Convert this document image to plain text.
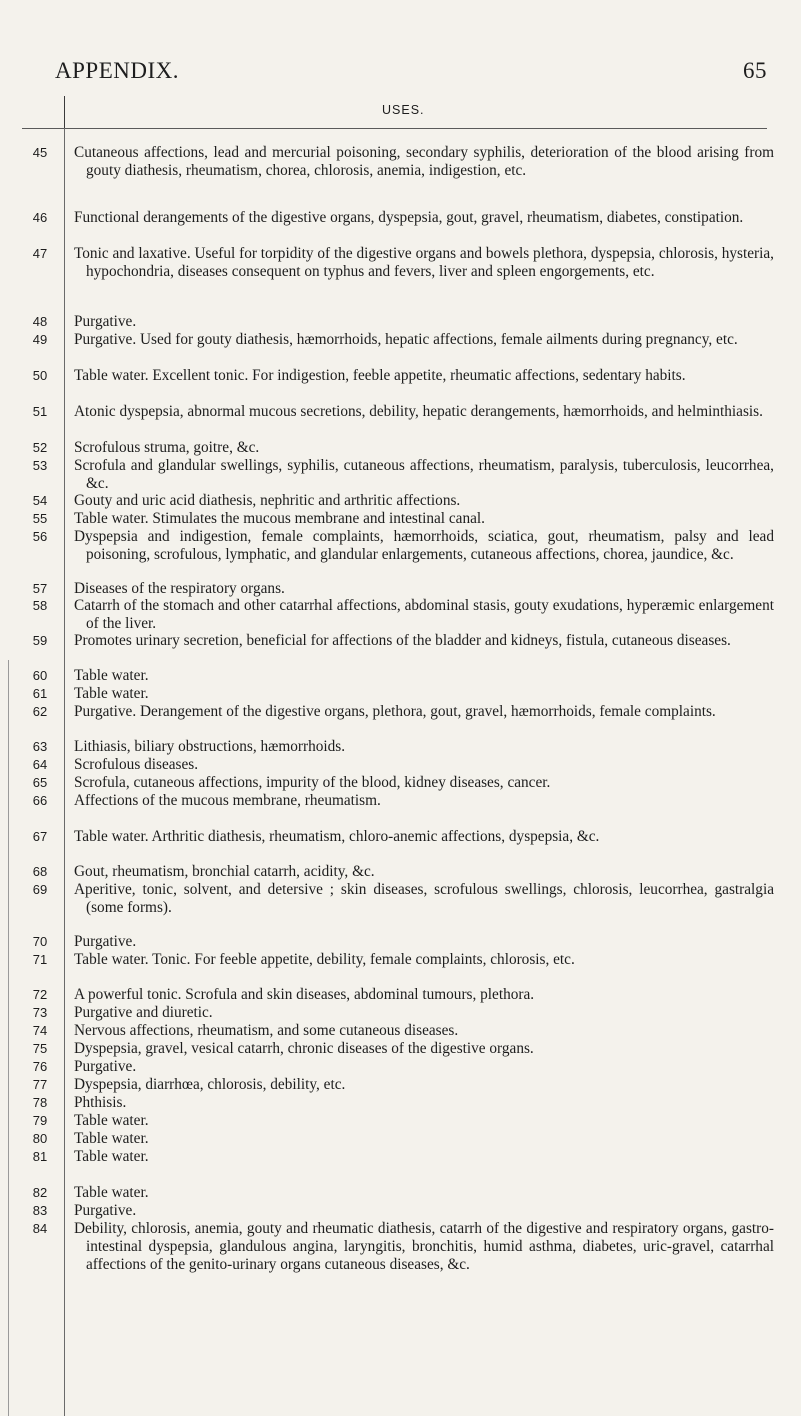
APPENDIX.	65
USES.
45	Cutaneous affections, lead and mercurial poisoning, secondary syphilis, deterioration of the blood arising from gouty diathesis, rheumatism, chorea, chlorosis, anemia, indigestion, etc.
46	Functional derangements of the digestive organs, dyspepsia, gout, gravel, rheumatism, diabetes, constipation.
47	Tonic and laxative. Useful for torpidity of the digestive organs and bowels plethora, dyspepsia, chlorosis, hysteria, hypochondria, diseases consequent on typhus and fevers, liver and spleen engorgements, etc.
48	Purgative.
49	Purgative. Used for gouty diathesis, hæmorrhoids, hepatic affections, female ailments during pregnancy, etc.
50	Table water. Excellent tonic. For indigestion, feeble appetite, rheumatic affections, sedentary habits.
51	Atonic dyspepsia, abnormal mucous secretions, debility, hepatic derangements, hæmorrhoids, and helminthiasis.
52	Scrofulous struma, goitre, &c.
53	Scrofula and glandular swellings, syphilis, cutaneous affections, rheumatism, paralysis, tuberculosis, leucorrhea, &c.
54	Gouty and uric acid diathesis, nephritic and arthritic affections.
55	Table water. Stimulates the mucous membrane and intestinal canal.
56	Dyspepsia and indigestion, female complaints, hæmorrhoids, sciatica, gout, rheumatism, palsy and lead poisoning, scrofulous, lymphatic, and glandular enlargements, cutaneous affections, chorea, jaundice, &c.
57	Diseases of the respiratory organs.
58	Catarrh of the stomach and other catarrhal affections, abdominal stasis, gouty exudations, hyperæmic enlargement of the liver.
59	Promotes urinary secretion, beneficial for affections of the bladder and kidneys, fistula, cutaneous diseases.
60	Table water.
61	Table water.
62	Purgative. Derangement of the digestive organs, plethora, gout, gravel, hæmorrhoids, female complaints.
63	Lithiasis, biliary obstructions, hæmorrhoids.
64	Scrofulous diseases.
65	Scrofula, cutaneous affections, impurity of the blood, kidney diseases, cancer.
66	Affections of the mucous membrane, rheumatism.
67	Table water. Arthritic diathesis, rheumatism, chloro-anemic affections, dyspepsia, &c.
68	Gout, rheumatism, bronchial catarrh, acidity, &c.
69	Aperitive, tonic, solvent, and detersive ; skin diseases, scrofulous swellings, chlorosis, leucorrhea, gastralgia (some forms).
70	Purgative.
71	Table water. Tonic. For feeble appetite, debility, female complaints, chlorosis, etc.
72	A powerful tonic. Scrofula and skin diseases, abdominal tumours, plethora.
73	Purgative and diuretic.
74	Nervous affections, rheumatism, and some cutaneous diseases.
75	Dyspepsia, gravel, vesical catarrh, chronic diseases of the digestive organs.
76	Purgative.
77	Dyspepsia, diarrhœa, chlorosis, debility, etc.
78	Phthisis.
79	Table water.
80	Table water.
81	Table water.
82	Table water.
83	Purgative.
84	Debility, chlorosis, anemia, gouty and rheumatic diathesis, catarrh of the digestive and respiratory organs, gastro-intestinal dyspepsia, glandulous angina, laryngitis, bronchitis, humid asthma, diabetes, uric-gravel, catarrhal affections of the genito-urinary organs cutaneous diseases, &c.
